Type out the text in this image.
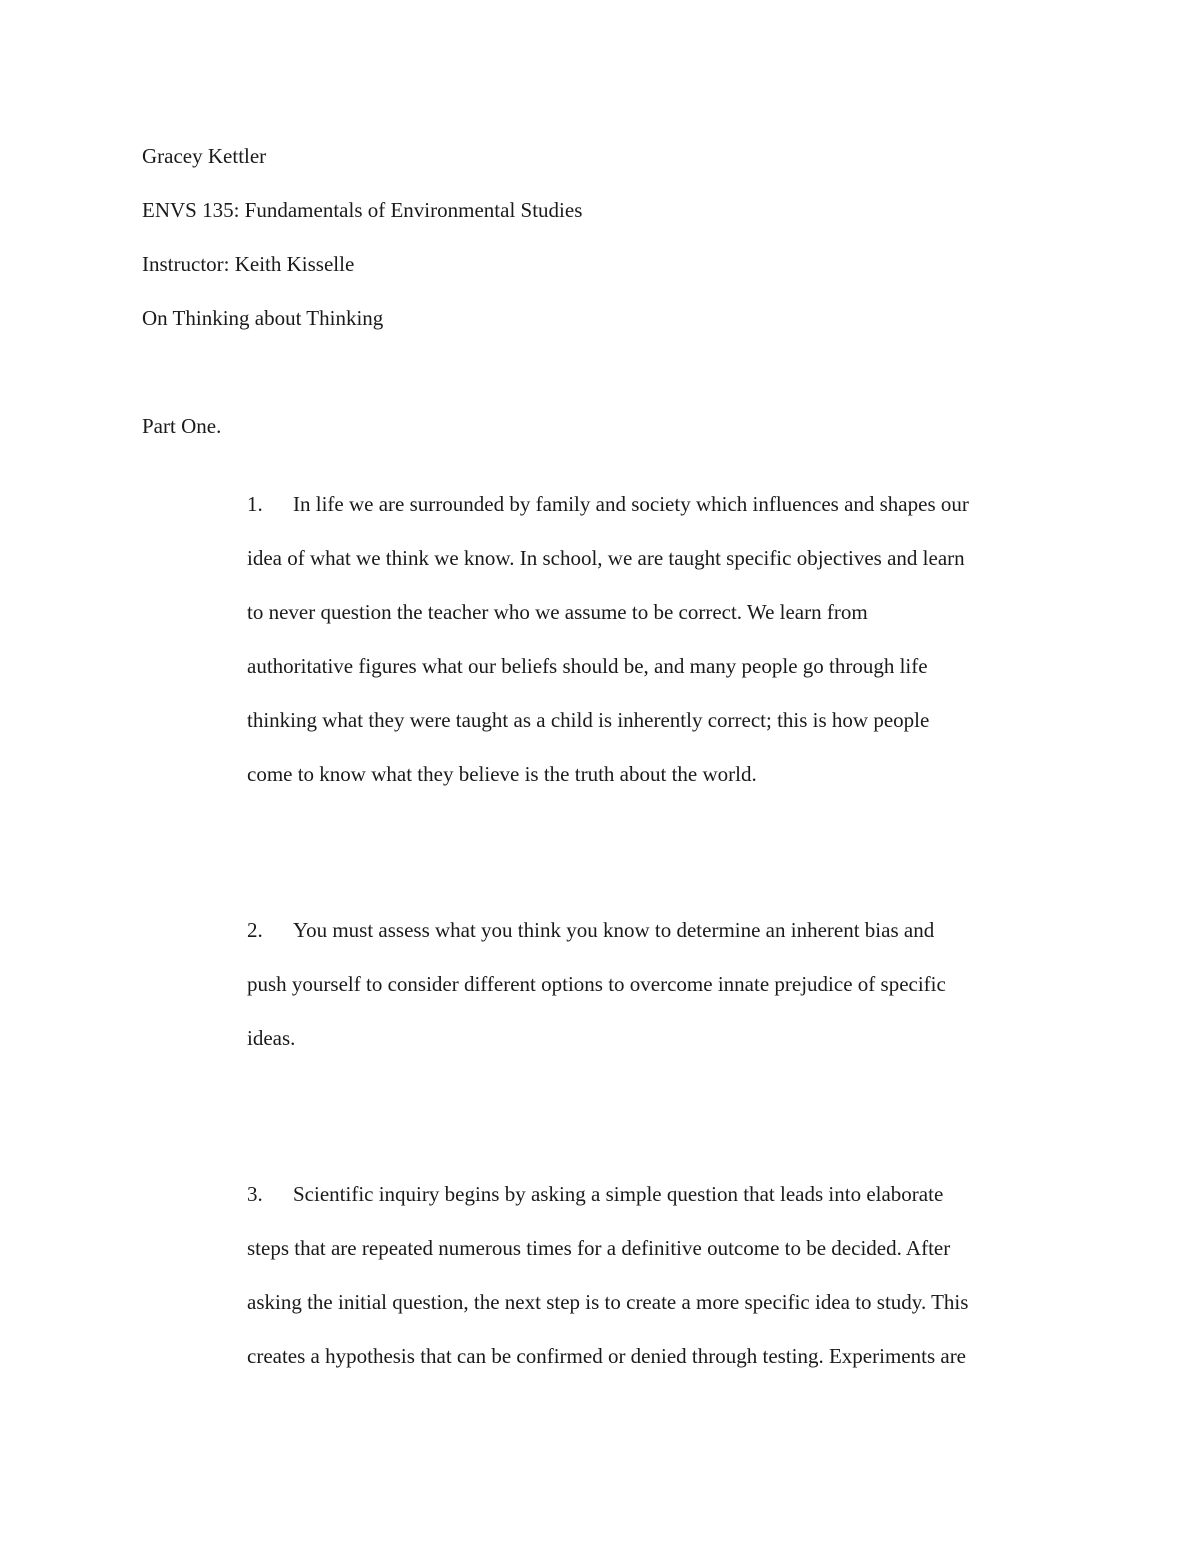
Gracey Kettler
ENVS 135: Fundamentals of Environmental Studies
Instructor: Keith Kisselle
On Thinking about Thinking
Part One.
1. In life we are surrounded by family and society which influences and shapes our
idea of what we think we know. In school, we are taught specific objectives and learn
to never question the teacher who we assume to be correct. We learn from
authoritative figures what our beliefs should be, and many people go through life
thinking what they were taught as a child is inherently correct; this is how people
come to know what they believe is the truth about the world.
2. You must assess what you think you know to determine an inherent bias and
push yourself to consider different options to overcome innate prejudice of specific
ideas.
3. Scientific inquiry begins by asking a simple question that leads into elaborate
steps that are repeated numerous times for a definitive outcome to be decided. After
asking the initial question, the next step is to create a more specific idea to study. This
creates a hypothesis that can be confirmed or denied through testing. Experiments are
